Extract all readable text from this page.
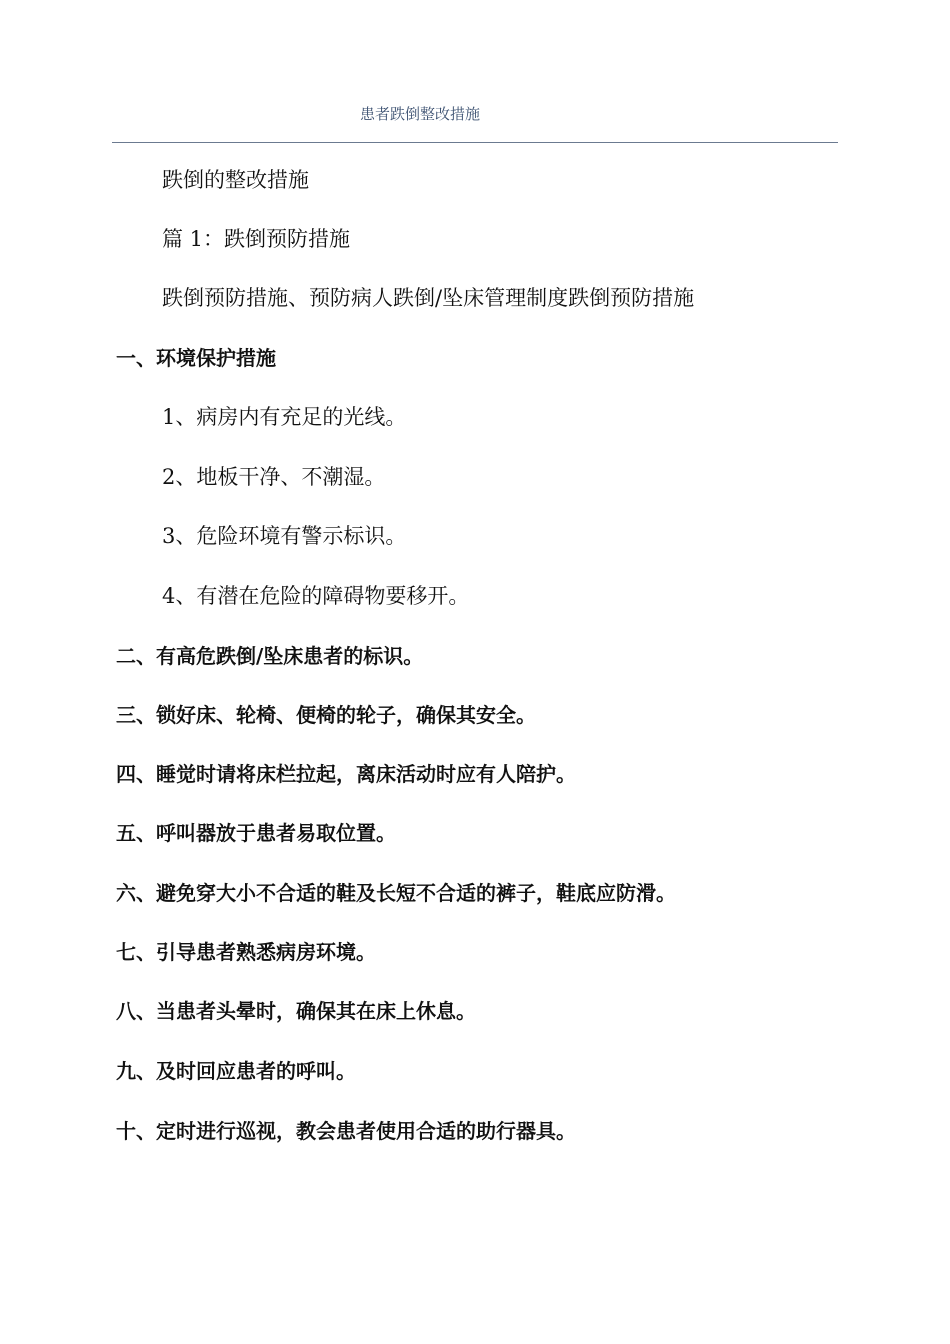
患者跌倒整改措施
跌倒的整改措施
篇 1：跌倒预防措施
跌倒预防措施、预防病人跌倒/坠床管理制度跌倒预防措施
一、环境保护措施
1、病房内有充足的光线。
2、地板干净、不潮湿。
3、危险环境有警示标识。
4、有潜在危险的障碍物要移开。
二、有高危跌倒/坠床患者的标识。
三、锁好床、轮椅、便椅的轮子，确保其安全。
四、睡觉时请将床栏拉起，离床活动时应有人陪护。
五、呼叫器放于患者易取位置。
六、避免穿大小不合适的鞋及长短不合适的裤子，鞋底应防滑。
七、引导患者熟悉病房环境。
八、当患者头晕时，确保其在床上休息。
九、及时回应患者的呼叫。
十、定时进行巡视，教会患者使用合适的助行器具。
